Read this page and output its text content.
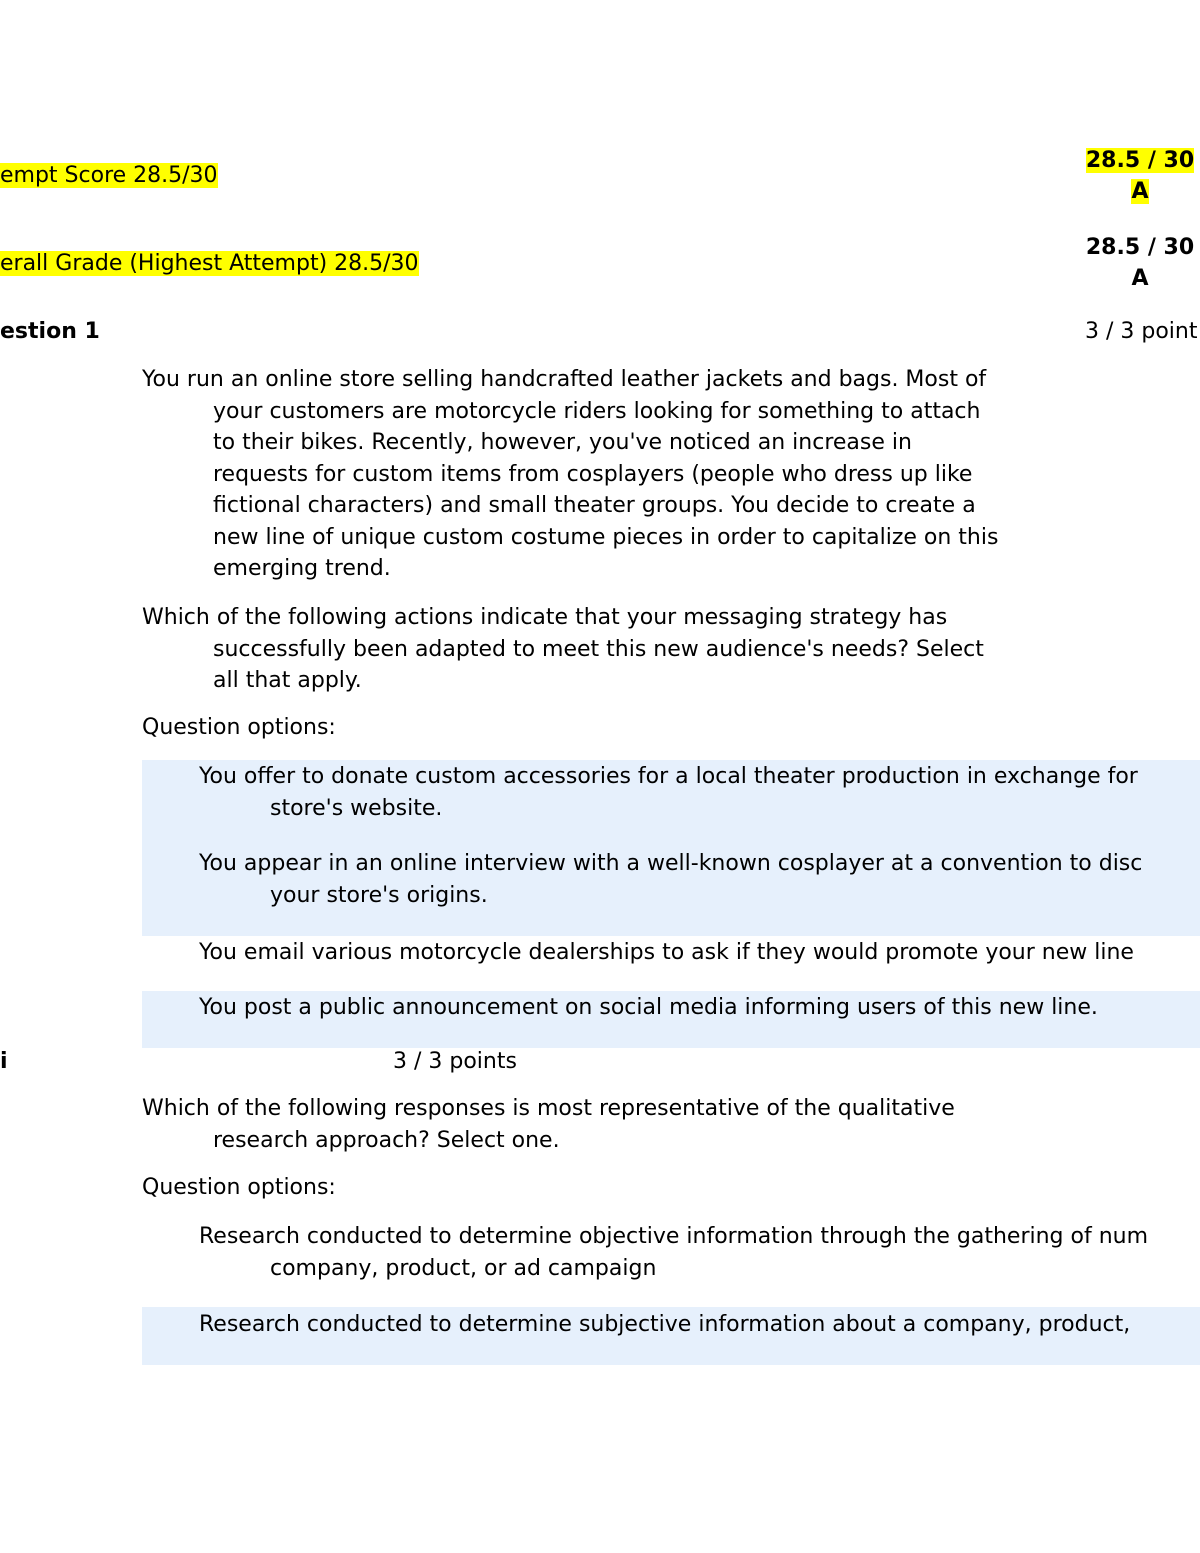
empt Score 28.5/30
28.5 / 30
A
erall Grade (Highest Attempt) 28.5/30
28.5 / 30
A
estion 1	3 / 3 point
You run an online store selling handcrafted leather jackets and bags. Most of
your customers are motorcycle riders looking for something to attach
to their bikes. Recently, however, you've noticed an increase in
requests for custom items from cosplayers (people who dress up like
fictional characters) and small theater groups. You decide to create a
new line of unique custom costume pieces in order to capitalize on this
emerging trend.
Which of the following actions indicate that your messaging strategy has
successfully been adapted to meet this new audience's needs? Select
all that apply.
Question options:
You offer to donate custom accessories for a local theater production in exchange for
store's website.
You appear in an online interview with a well-known cosplayer at a convention to disc
your store's origins.
You email various motorcycle dealerships to ask if they would promote your new line
You post a public announcement on social media informing users of this new line.
i	3 / 3 points
Which of the following responses is most representative of the qualitative
research approach? Select one.
Question options:
Research conducted to determine objective information through the gathering of num
company, product, or ad campaign
Research conducted to determine subjective information about a company, product,
